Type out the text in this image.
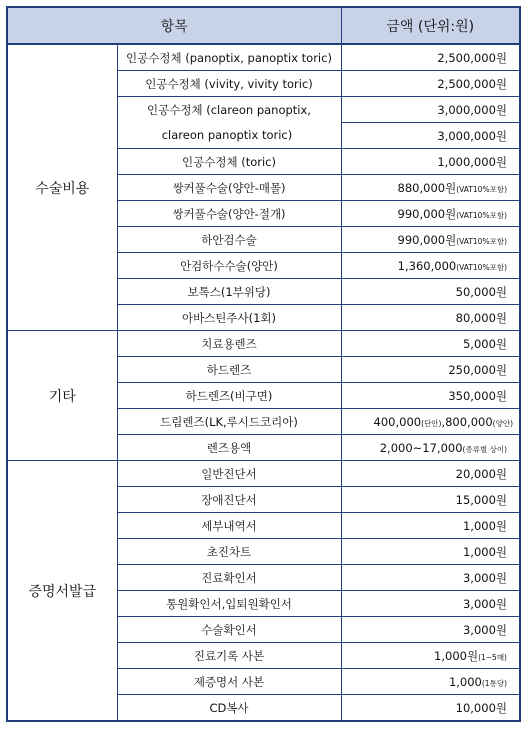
항목		금액 (단위:원)
수술비용	인공수정체 (panoptix, panoptix toric)	2,500,000원
	인공수정체 (vivity, vivity toric)	2,500,000원
	인공수정체 (clareon panoptix,	3,000,000원
	clareon panoptix toric)	3,000,000원
	인공수정체 (toric)	1,000,000원
	쌍커풀수술(양안-매몰)	880,000원(VAT10%포함)
	쌍커풀수술(양안-절개)	990,000원(VAT10%포함)
	하안검수술	990,000원(VAT10%포함)
	안검하수수술(양안)	1,360,000(VAT10%포함)
	보톡스(1부위당)	50,000원
	아바스틴주사(1회)	80,000원
기타	치료용렌즈	5,000원
	하드렌즈	250,000원
	하드렌즈(비구면)	350,000원
	드림렌즈(LK,루시드코리아)	400,000(단안),800,000(양안)
	렌즈용액	2,000~17,000(종류별 상이)
증명서발급	일반진단서	20,000원
	장애진단서	15,000원
	세부내역서	1,000원
	초진차트	1,000원
	진료확인서	3,000원
	통원확인서,입퇴원확인서	3,000원
	수술확인서	3,000원
	진료기록 사본	1,000원(1~5매)
	제증명서 사본	1,000(1통당)
	CD복사	10,000원
